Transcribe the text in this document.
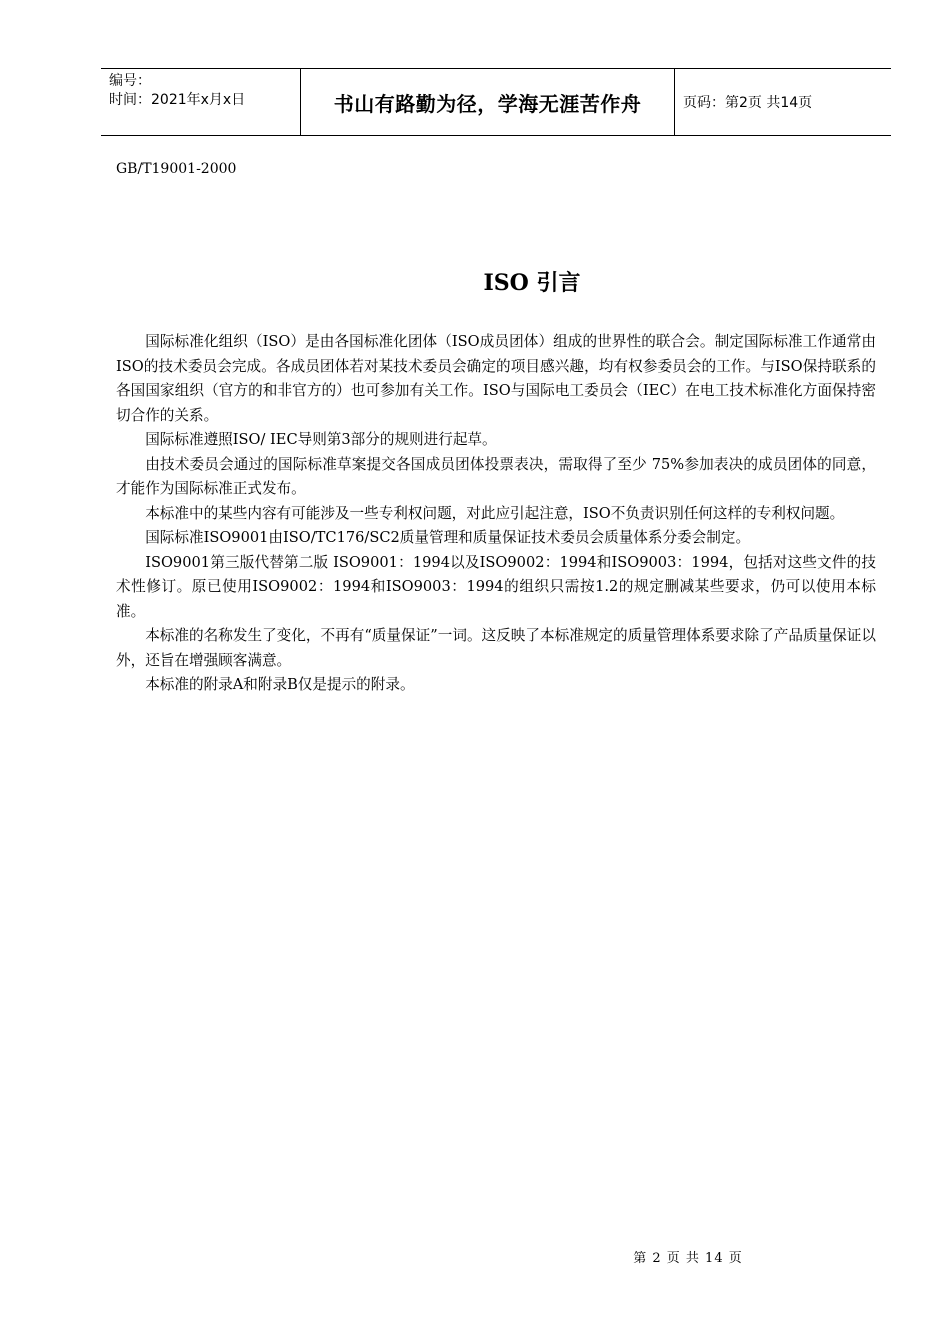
编号：
时间：2021年x月x日	书山有路勤为径，学海无涯苦作舟	页码：第2页 共14页
GB/T19001-2000
ISO 引言

国际标准化组织（ISO）是由各国标准化团体（ISO成员团体）组成的世界性的联合会。制定国际标准工作通常由ISO的技术委员会完成。各成员团体若对某技术委员会确定的项目感兴趣，均有权参委员会的工作。与ISO保持联系的各国国家组织（官方的和非官方的）也可参加有关工作。ISO与国际电工委员会（IEC）在电工技术标准化方面保持密切合作的关系。

国际标准遵照ISO/ IEC导则第3部分的规则进行起草。

由技术委员会通过的国际标准草案提交各国成员团体投票表决，需取得了至少 75%参加表决的成员团体的同意，才能作为国际标准正式发布。

本标准中的某些内容有可能涉及一些专利权问题，对此应引起注意，ISO不负责识别任何这样的专利权问题。

国际标准ISO9001由ISO/TC176/SC2质量管理和质量保证技术委员会质量体系分委会制定。

ISO9001第三版代替第二版 ISO9001：1994以及ISO9002：1994和ISO9003：1994，包括对这些文件的技术性修订。原已使用ISO9002：1994和ISO9003：1994的组织只需按1.2的规定删减某些要求，仍可以使用本标准。

本标准的名称发生了变化，不再有“质量保证”一词。这反映了本标准规定的质量管理体系要求除了产品质量保证以外，还旨在增强顾客满意。

本标准的附录A和附录B仅是提示的附录。

第 2 页 共 14 页
